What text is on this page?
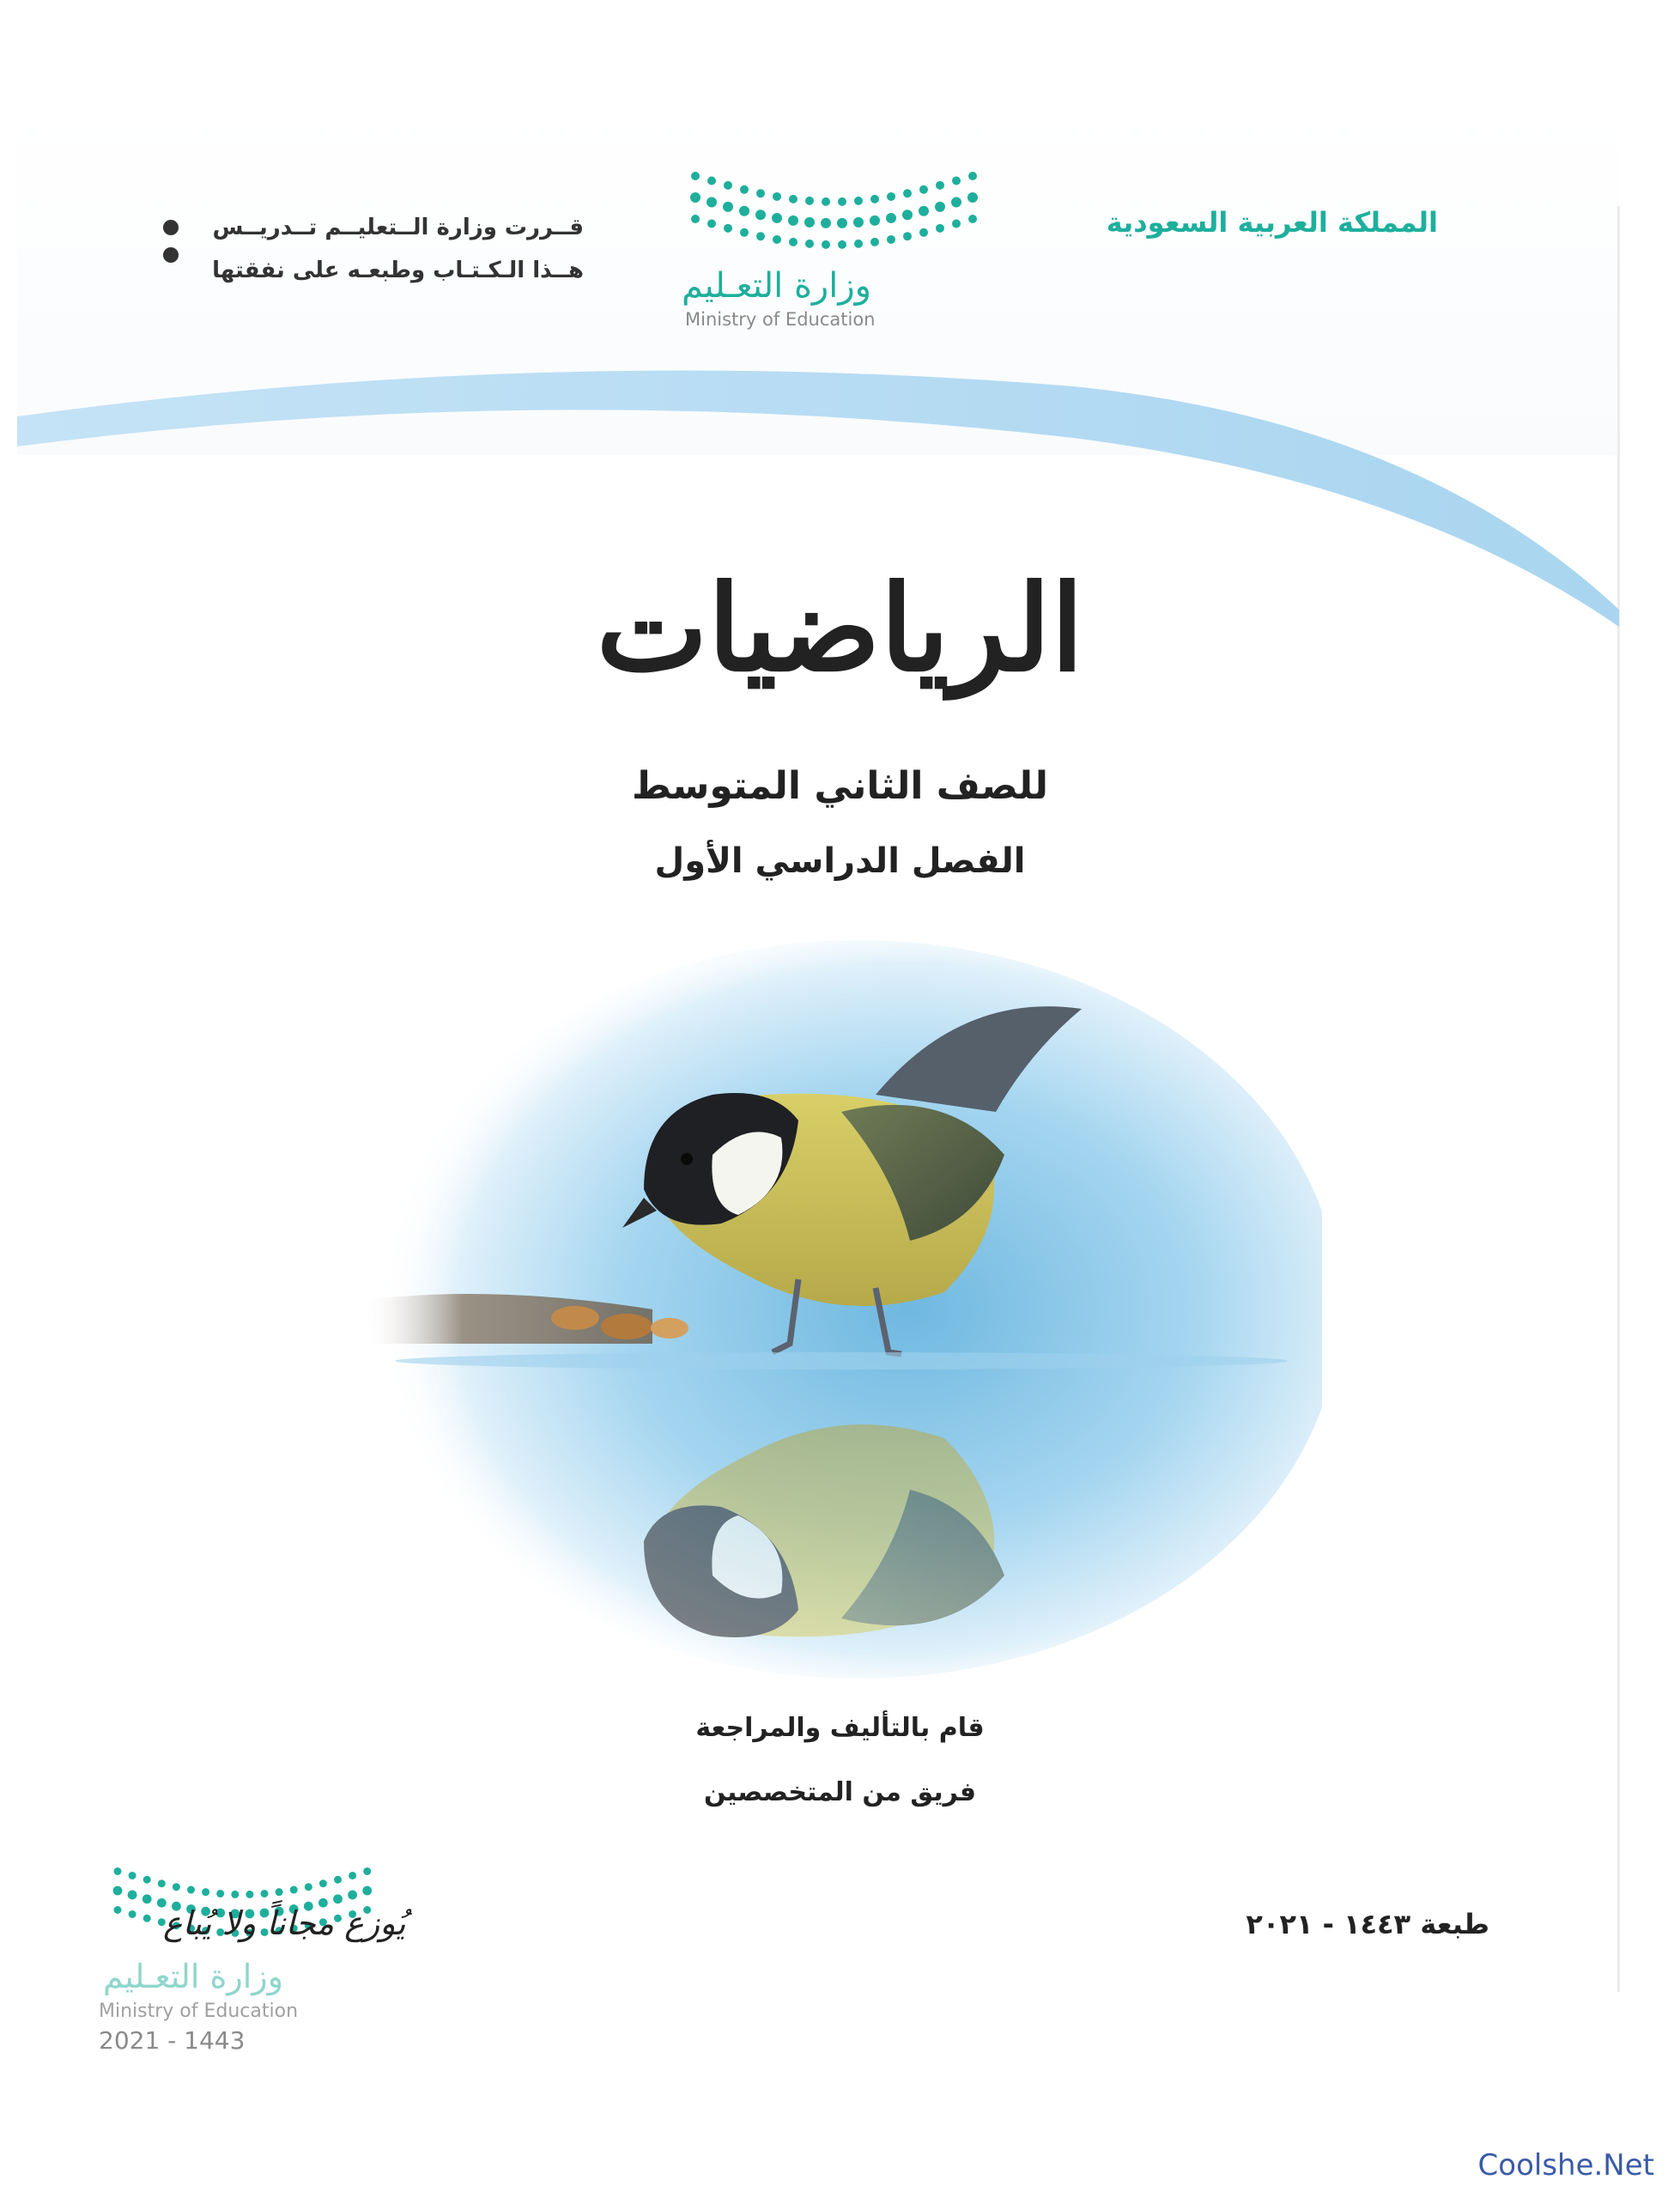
المملكة العربية السعودية
وزارة التعـليم
Ministry of Education
قــررت وزارة الــتعليــم تــدريــس
هــذا الـكـتـاب وطبعـه على نفقتها
الرياضيات
للصف الثاني المتوسط
الفصل الدراسي الأول
قام بالتأليف والمراجعة
فريق من المتخصصين
طبعة ١٤٤٣ - ٢٠٢١
وزارة التعـليم
Ministry of Education
2021 - 1443
يُوزع مجاناً ولا يُباع
Coolshe.Net
